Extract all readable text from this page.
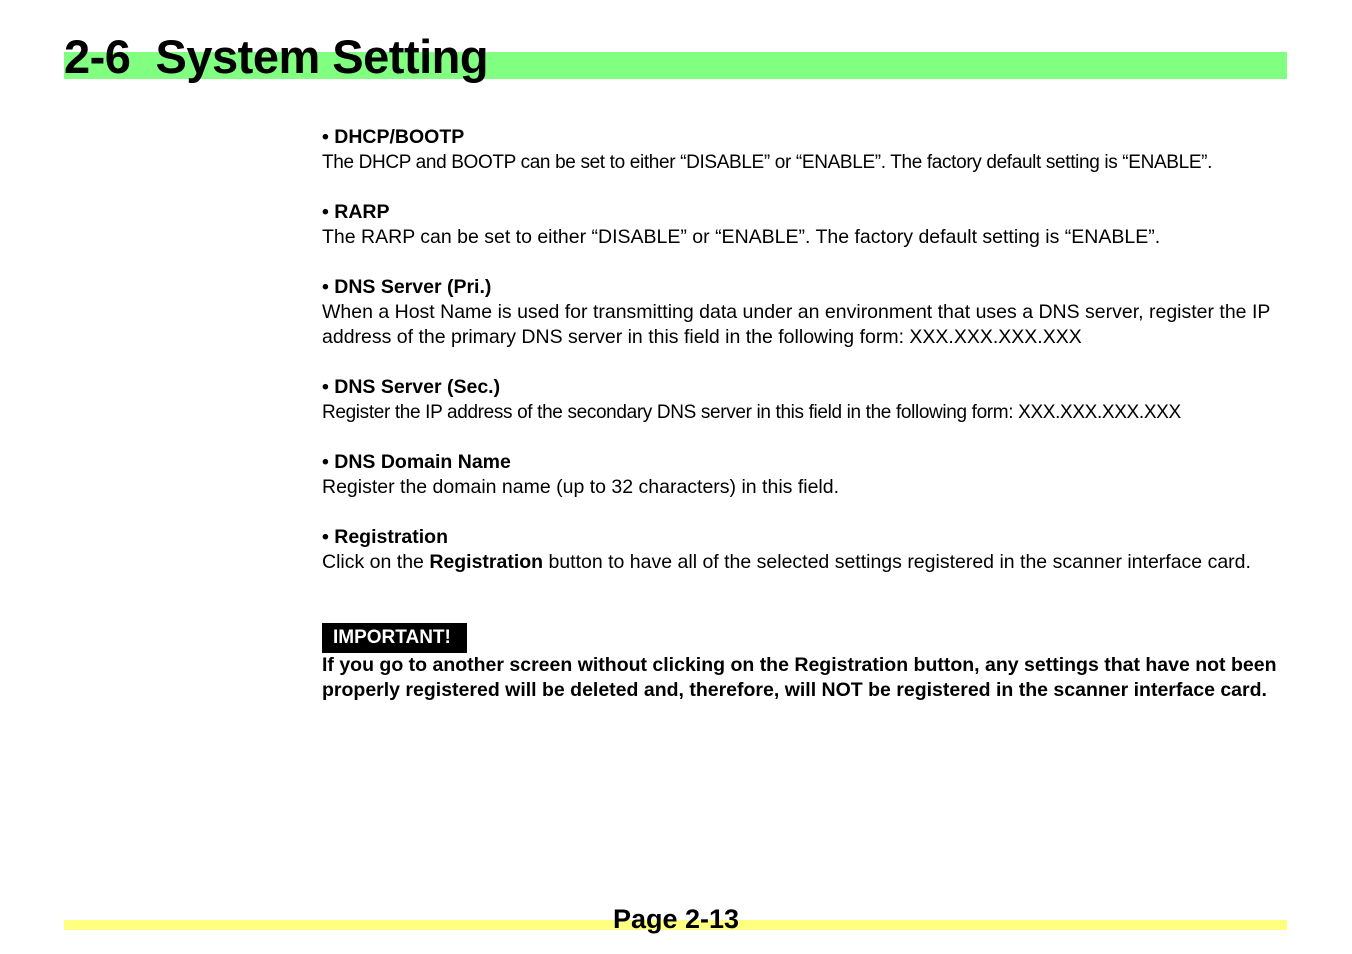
2-6  System Setting
• DHCP/BOOTP
The DHCP and BOOTP can be set to either “DISABLE” or “ENABLE”. The factory default setting is “ENABLE”.
• RARP
The RARP can be set to either “DISABLE” or “ENABLE”. The factory default setting is “ENABLE”.
• DNS Server (Pri.)
When a Host Name is used for transmitting data under an environment that uses a DNS server, register the IP address of the primary DNS server in this field in the following form: XXX.XXX.XXX.XXX
• DNS Server (Sec.)
Register the IP address of the secondary DNS server in this field in the following form: XXX.XXX.XXX.XXX
• DNS Domain Name
Register the domain name (up to 32 characters) in this field.
• Registration
Click on the Registration button to have all of the selected settings registered in the scanner interface card.
IMPORTANT!
If you go to another screen without clicking on the Registration button, any settings that have not been properly registered will be deleted and, therefore, will NOT be registered in the scanner interface card.
Page 2-13
